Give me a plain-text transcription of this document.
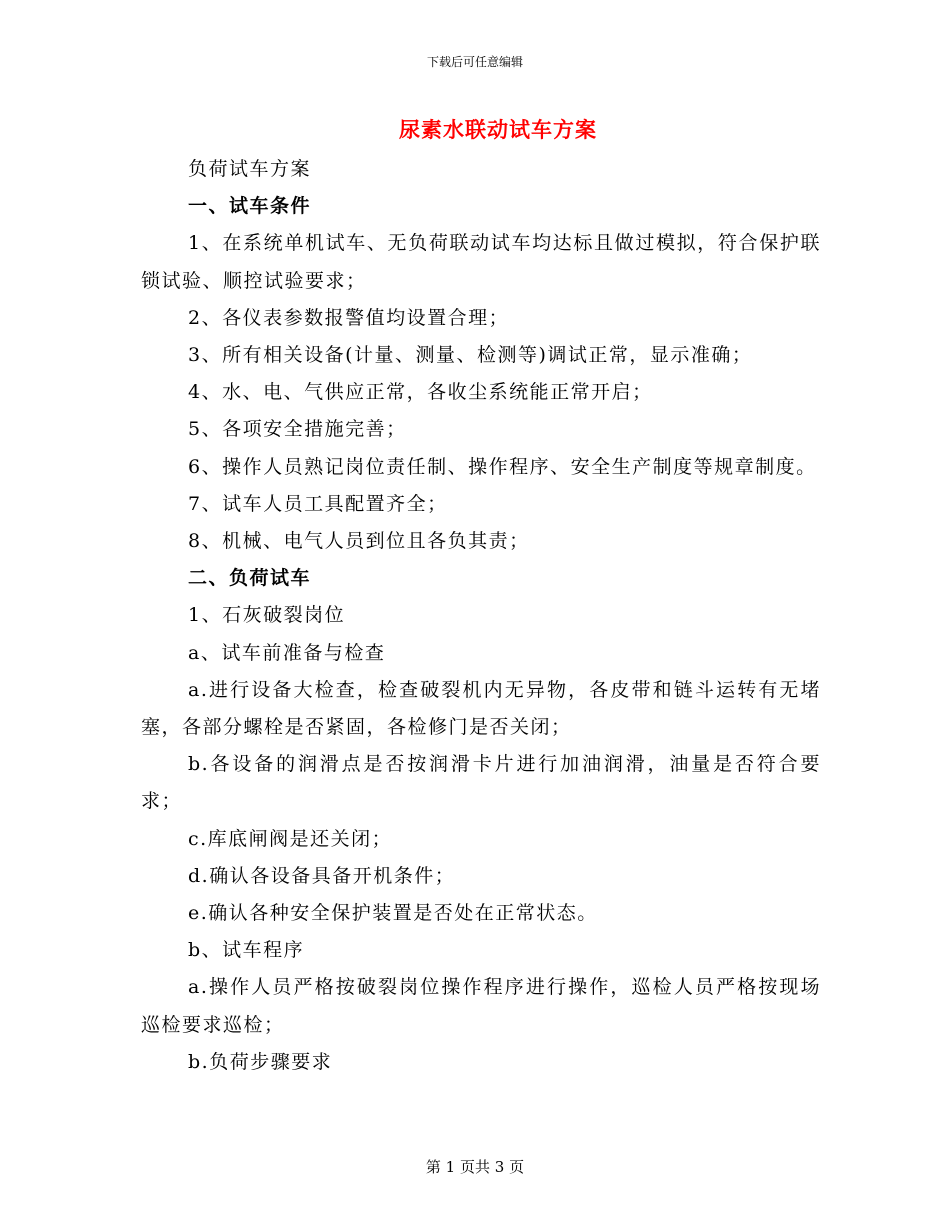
下载后可任意编辑
尿素水联动试车方案

负荷试车方案

一、试车条件

1、在系统单机试车、无负荷联动试车均达标且做过模拟，符合保护联锁试验、顺控试验要求；

2、各仪表参数报警值均设置合理；

3、所有相关设备(计量、测量、检测等)调试正常，显示准确；

4、水、电、气供应正常，各收尘系统能正常开启；

5、各项安全措施完善；

6、操作人员熟记岗位责任制、操作程序、安全生产制度等规章制度。

7、试车人员工具配置齐全；

8、机械、电气人员到位且各负其责；

二、负荷试车

1、石灰破裂岗位

a、试车前准备与检查

a.进行设备大检查，检查破裂机内无异物，各皮带和链斗运转有无堵塞，各部分螺栓是否紧固，各检修门是否关闭；

b.各设备的润滑点是否按润滑卡片进行加油润滑，油量是否符合要求；

c.库底闸阀是还关闭；

d.确认各设备具备开机条件；

e.确认各种安全保护装置是否处在正常状态。

b、试车程序

a.操作人员严格按破裂岗位操作程序进行操作，巡检人员严格按现场巡检要求巡检；

b.负荷步骤要求

第 1 页共 3 页
